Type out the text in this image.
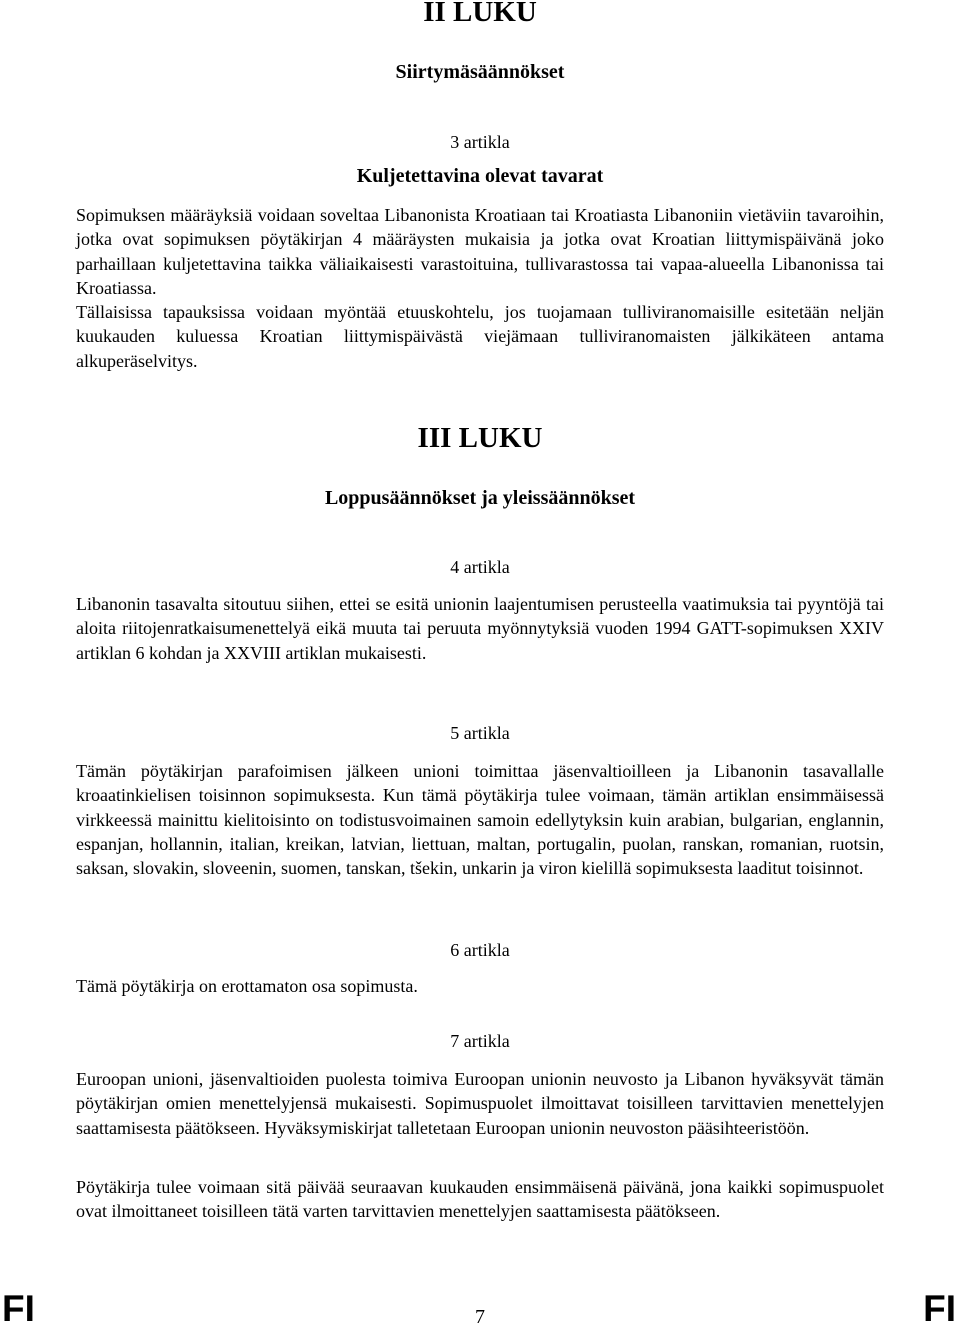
II LUKU
Siirtymäsäännökset
3 artikla
Kuljetettavina olevat tavarat

Sopimuksen määräyksiä voidaan soveltaa Libanonista Kroatiaan tai Kroatiasta Libanoniin vietäviin tavaroihin, jotka ovat sopimuksen pöytäkirjan 4 määräysten mukaisia ja jotka ovat Kroatian liittymispäivänä joko parhaillaan kuljetettavina taikka väliaikaisesti varastoituina, tullivarastossa tai vapaa-alueella Libanonissa tai Kroatiassa.

Tällaisissa tapauksissa voidaan myöntää etuuskohtelu, jos tuojamaan tulliviranomaisille esitetään neljän kuukauden kuluessa Kroatian liittymispäivästä viejämaan tulliviranomaisten jälkikäteen antama alkuperäselvitys.

III LUKU
Loppusäännökset ja yleissäännökset
4 artikla

Libanonin tasavalta sitoutuu siihen, ettei se esitä unionin laajentumisen perusteella vaatimuksia tai pyyntöjä tai aloita riitojenratkaisumenettelyä eikä muuta tai peruuta myönnytyksiä vuoden 1994 GATT-sopimuksen XXIV artiklan 6 kohdan ja XXVIII artiklan mukaisesti.

5 artikla

Tämän pöytäkirjan parafoimisen jälkeen unioni toimittaa jäsenvaltioilleen ja Libanonin tasavallalle kroaatinkielisen toisinnon sopimuksesta. Kun tämä pöytäkirja tulee voimaan, tämän artiklan ensimmäisessä virkkeessä mainittu kielitoisinto on todistusvoimainen samoin edellytyksin kuin arabian, bulgarian, englannin, espanjan, hollannin, italian, kreikan, latvian, liettuan, maltan, portugalin, puolan, ranskan, romanian, ruotsin, saksan, slovakin, sloveenin, suomen, tanskan, tšekin, unkarin ja viron kielillä sopimuksesta laaditut toisinnot.

6 artikla

Tämä pöytäkirja on erottamaton osa sopimusta.

7 artikla

Euroopan unioni, jäsenvaltioiden puolesta toimiva Euroopan unionin neuvosto ja Libanon hyväksyvät tämän pöytäkirjan omien menettelyjensä mukaisesti. Sopimuspuolet ilmoittavat toisilleen tarvittavien menettelyjen saattamisesta päätökseen. Hyväksymiskirjat talletetaan Euroopan unionin neuvoston pääsihteeristöön.

Pöytäkirja tulee voimaan sitä päivää seuraavan kuukauden ensimmäisenä päivänä, jona kaikki sopimuspuolet ovat ilmoittaneet toisilleen tätä varten tarvittavien menettelyjen saattamisesta päätökseen.

FI	7	FI
